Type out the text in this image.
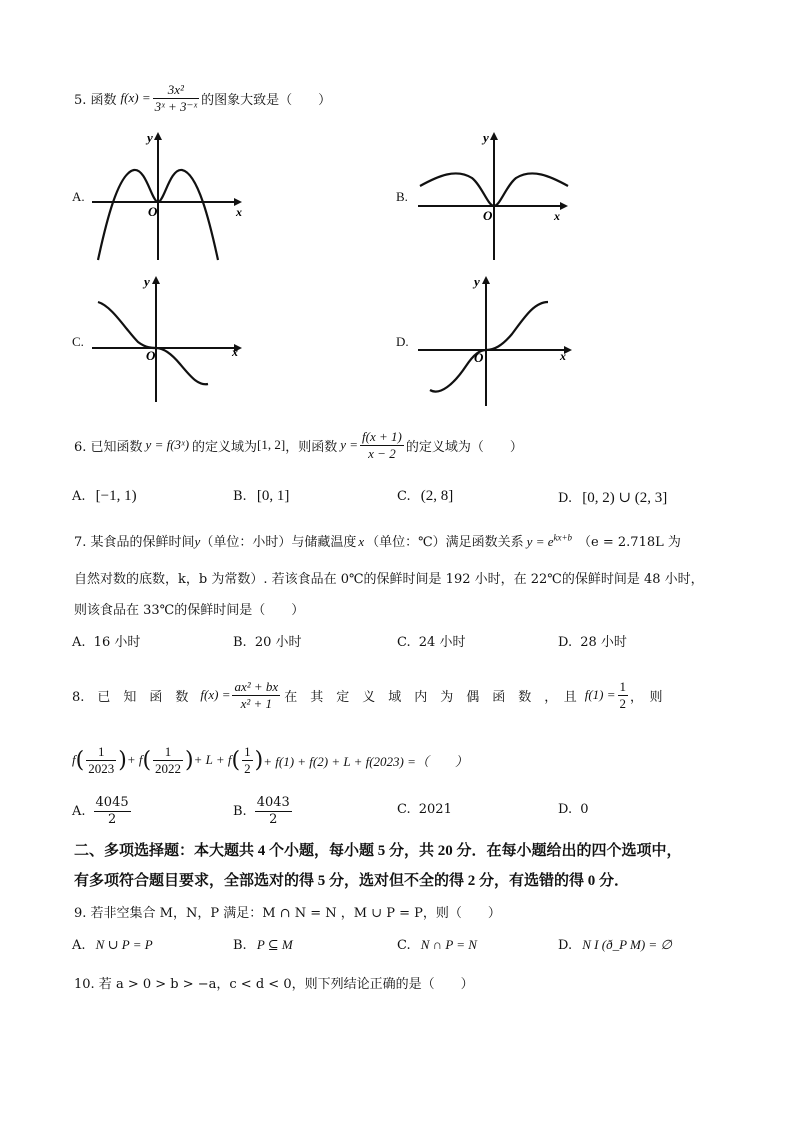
5. 函数 $f(x) = \frac{\text{3x²}}{\text{3ˣ + 3⁻ˣ}}$ 的图象大致是（　　）
A.	B.
C.	D.
y
x
O
y
x
O
y
x
O
y
x
O
6. 已知函数 y = f(3ˣ) 的定义域为 [1, 2] ，则函数 $y = \frac{f(x + 1)}{x - 2}$ 的定义域为（　　）
A. [−1, 1)	B. [0, 1]	C. (2, 8]	D. [0, 2) ∪ (2, 3]
7. 某食品的保鲜时间y（单位：小时）与储藏温度 x （单位：℃）满足函数关系 $y = e^{kx+b}$ （e = 2.718L 为
自然对数的底数，k，b 为常数）. 若该食品在 0℃的保鲜时间是 192 小时，在 22℃的保鲜时间是 48 小时，
则该食品在 33℃的保鲜时间是（　　）
A. 16 小时	B. 20 小时	C. 24 小时	D. 28 小时
8.　已　知　函　数 $f(x) = \frac{\text{ax² + bx}}{\text{x² + 1}}$ 在　其　定　义　域　内　为　偶　函　数　，　且 $f(1) = \frac{1}{2}$ ，　则
f ( $\frac{1}{2023}$ ) + f ( $\frac{1}{2022}$ ) + L + f ( $\frac{1}{2}$ ) + f(1) + f(2) + L + f(2023) =（　　）
A. $\frac{4045}{2}$	B. $\frac{4043}{2}$	C. 2021	D. 0
二、多项选择题：本大题共 4 个小题，每小题 5 分，共 20 分．在每小题给出的四个选项中，
有多项符合题目要求，全部选对的得 5 分，选对但不全的得 2 分，有选错的得 0 分．
9. 若非空集合 M，N，P 满足：M ∩ N = N ，M ∪ P = P，则（　　）
A. N ∪ P = P	B. P ⊆ M	C. N ∩ P = N	D. N I (ð_P M) = ∅
10. 若 a > 0 > b > −a，c < d < 0，则下列结论正确的是（　　）
